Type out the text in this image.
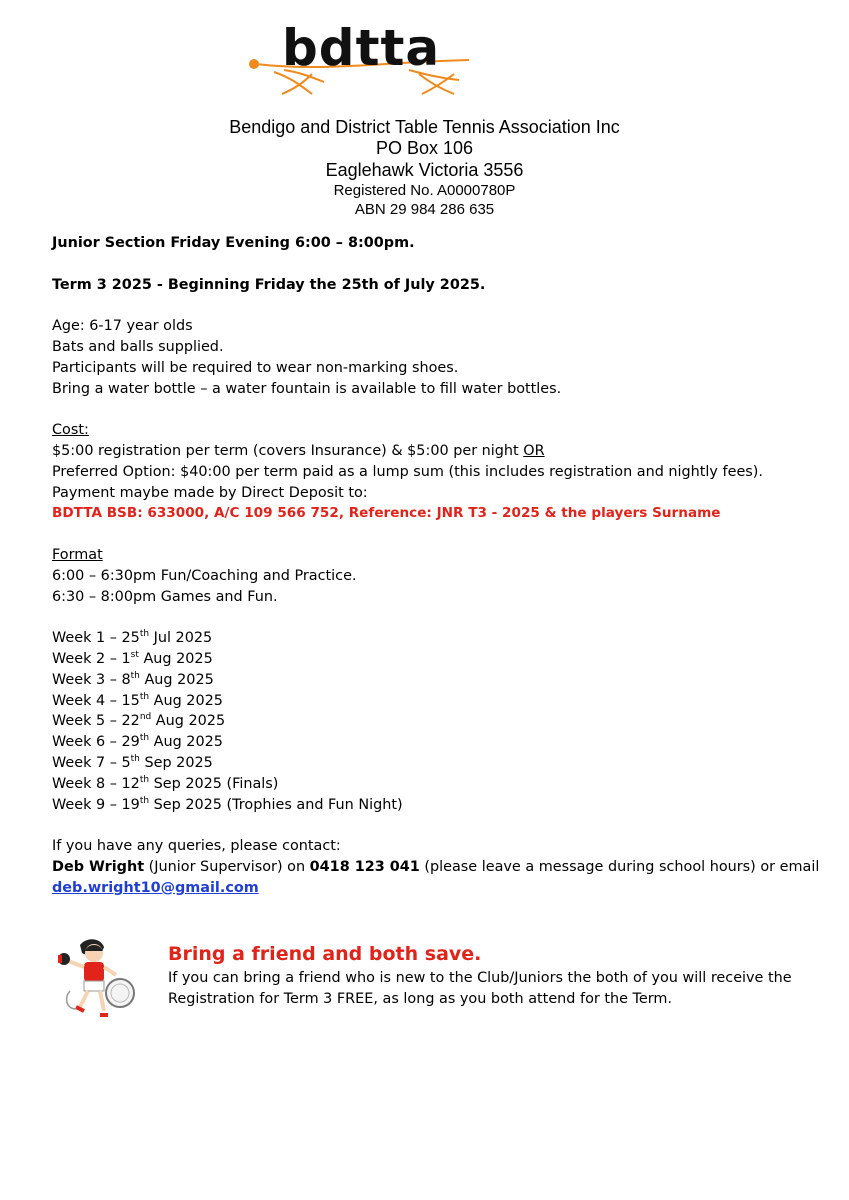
bdtta
Bendigo and District Table Tennis Association Inc
PO Box 106
Eaglehawk Victoria 3556
Registered No. A0000780P
ABN 29 984 286 635

Junior Section Friday Evening 6:00 – 8:00pm.

Term 3 2025 - Beginning Friday the 25th of July 2025.

Age: 6-17 year olds

Bats and balls supplied.

Participants will be required to wear non-marking shoes.

Bring a water bottle – a water fountain is available to fill water bottles.

Cost:

$5:00 registration per term (covers Insurance) & $5:00 per night OR

Preferred Option: $40:00 per term paid as a lump sum (this includes registration and nightly fees).

Payment maybe made by Direct Deposit to:

BDTTA BSB: 633000, A/C 109 566 752, Reference: JNR T3 - 2025 & the players Surname

Format

6:00 – 6:30pm Fun/Coaching and Practice.

6:30 – 8:00pm Games and Fun.

Week 1 – 25th Jul 2025

Week 2 – 1st Aug 2025

Week 3 – 8th Aug 2025

Week 4 – 15th Aug 2025

Week 5 – 22nd Aug 2025

Week 6 – 29th Aug 2025

Week 7 – 5th Sep 2025

Week 8 – 12th Sep 2025 (Finals)

Week 9 – 19th Sep 2025 (Trophies and Fun Night)

If you have any queries, please contact:

Deb Wright (Junior Supervisor) on 0418 123 041 (please leave a message during school hours) or email

deb.wright10@gmail.com

Bring a friend and both save.
If you can bring a friend who is new to the Club/Juniors the both of you will receive the Registration for Term 3 FREE, as long as you both attend for the Term.
